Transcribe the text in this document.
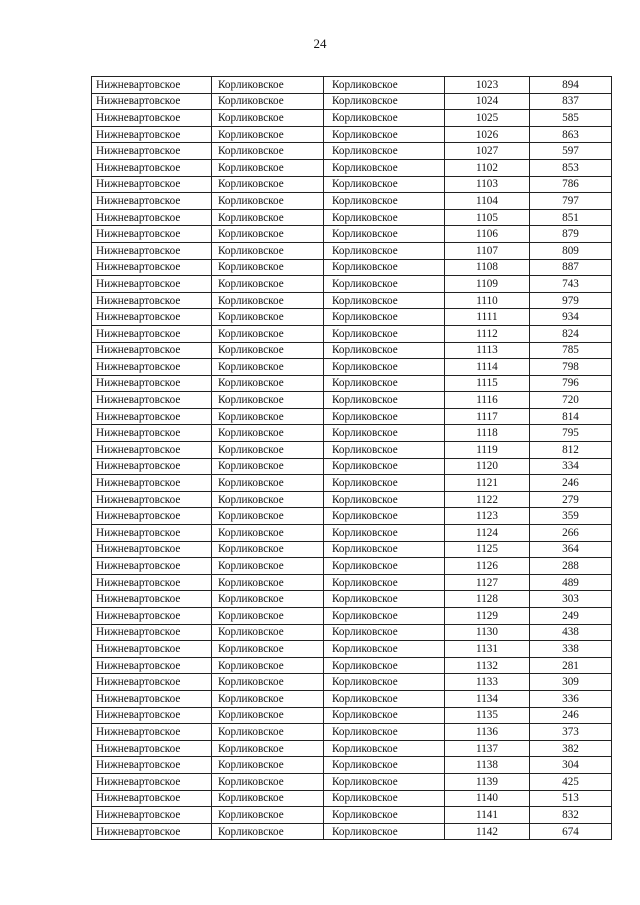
24
Нижневартовское	Корликовское	Корликовское	1023	894
Нижневартовское	Корликовское	Корликовское	1024	837
Нижневартовское	Корликовское	Корликовское	1025	585
Нижневартовское	Корликовское	Корликовское	1026	863
Нижневартовское	Корликовское	Корликовское	1027	597
Нижневартовское	Корликовское	Корликовское	1102	853
Нижневартовское	Корликовское	Корликовское	1103	786
Нижневартовское	Корликовское	Корликовское	1104	797
Нижневартовское	Корликовское	Корликовское	1105	851
Нижневартовское	Корликовское	Корликовское	1106	879
Нижневартовское	Корликовское	Корликовское	1107	809
Нижневартовское	Корликовское	Корликовское	1108	887
Нижневартовское	Корликовское	Корликовское	1109	743
Нижневартовское	Корликовское	Корликовское	1110	979
Нижневартовское	Корликовское	Корликовское	1111	934
Нижневартовское	Корликовское	Корликовское	1112	824
Нижневартовское	Корликовское	Корликовское	1113	785
Нижневартовское	Корликовское	Корликовское	1114	798
Нижневартовское	Корликовское	Корликовское	1115	796
Нижневартовское	Корликовское	Корликовское	1116	720
Нижневартовское	Корликовское	Корликовское	1117	814
Нижневартовское	Корликовское	Корликовское	1118	795
Нижневартовское	Корликовское	Корликовское	1119	812
Нижневартовское	Корликовское	Корликовское	1120	334
Нижневартовское	Корликовское	Корликовское	1121	246
Нижневартовское	Корликовское	Корликовское	1122	279
Нижневартовское	Корликовское	Корликовское	1123	359
Нижневартовское	Корликовское	Корликовское	1124	266
Нижневартовское	Корликовское	Корликовское	1125	364
Нижневартовское	Корликовское	Корликовское	1126	288
Нижневартовское	Корликовское	Корликовское	1127	489
Нижневартовское	Корликовское	Корликовское	1128	303
Нижневартовское	Корликовское	Корликовское	1129	249
Нижневартовское	Корликовское	Корликовское	1130	438
Нижневартовское	Корликовское	Корликовское	1131	338
Нижневартовское	Корликовское	Корликовское	1132	281
Нижневартовское	Корликовское	Корликовское	1133	309
Нижневартовское	Корликовское	Корликовское	1134	336
Нижневартовское	Корликовское	Корликовское	1135	246
Нижневартовское	Корликовское	Корликовское	1136	373
Нижневартовское	Корликовское	Корликовское	1137	382
Нижневартовское	Корликовское	Корликовское	1138	304
Нижневартовское	Корликовское	Корликовское	1139	425
Нижневартовское	Корликовское	Корликовское	1140	513
Нижневартовское	Корликовское	Корликовское	1141	832
Нижневартовское	Корликовское	Корликовское	1142	674
